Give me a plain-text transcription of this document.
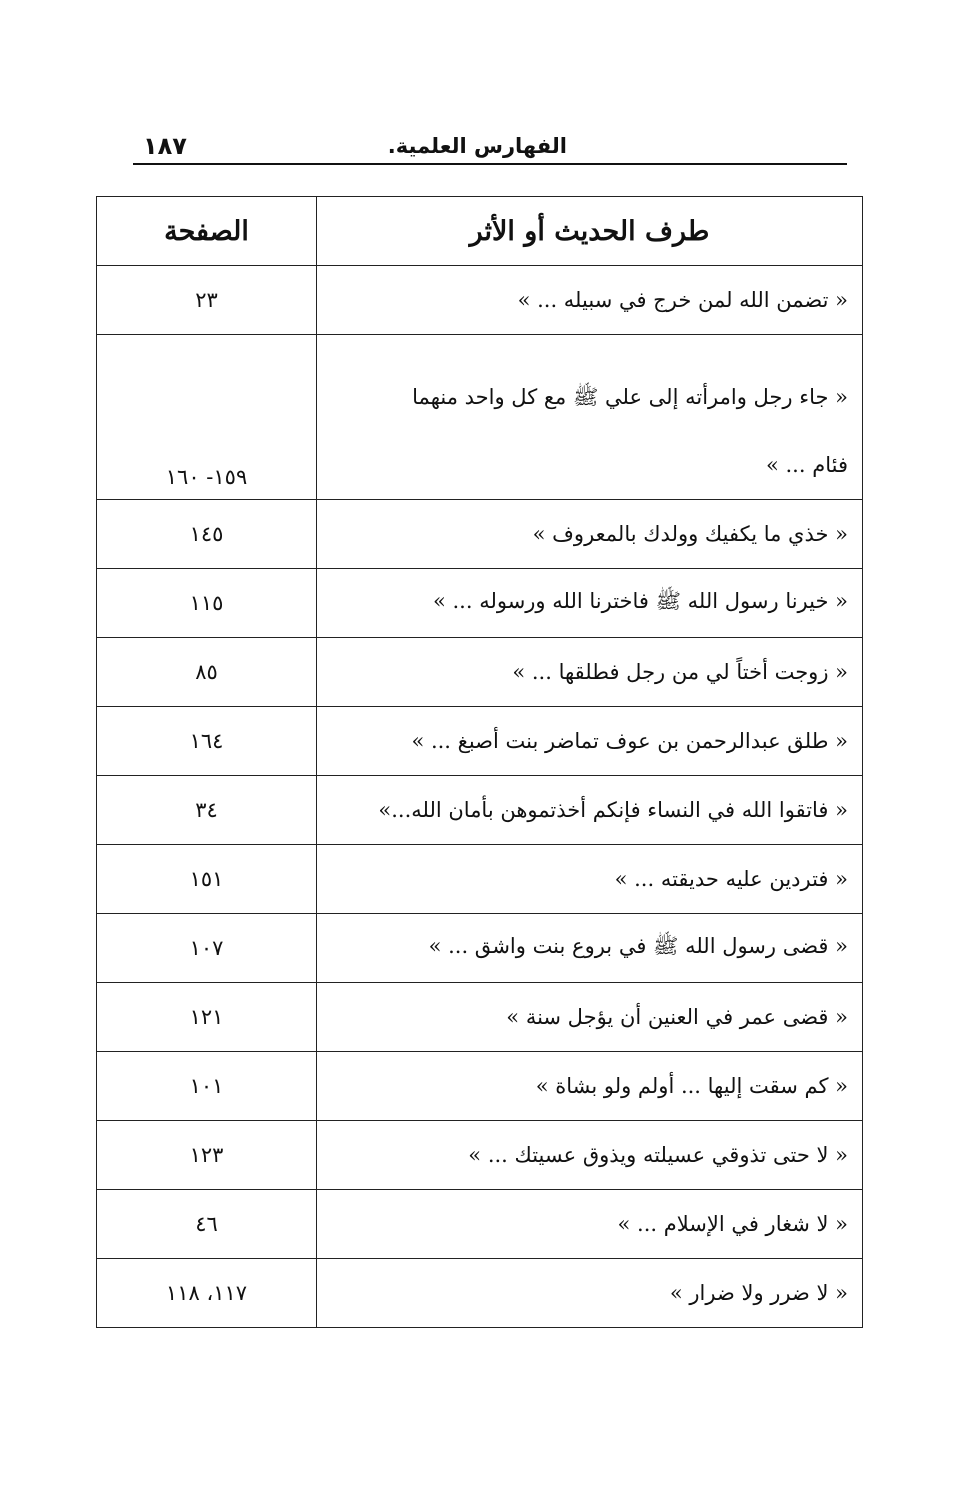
الفهارس العلمية.
١٨٧
طرف الحديث أو الأثر	الصفحة
« تضمن الله لمن خرج في سبيله ... »	٢٣

« جاء رجل وامرأته إلى علي ﷺ مع كل واحد منهما
فئام ... »	١٥٩- ١٦٠
« خذي ما يكفيك وولدك بالمعروف »	١٤٥
« خيرنا رسول الله ﷺ فاخترنا الله ورسوله ... »	١١٥
« زوجت أختاً لي من رجل فطلقها ... »	٨٥
« طلق عبدالرحمن بن عوف تماضر بنت أصبغ ... »	١٦٤
« فاتقوا الله في النساء فإنكم أخذتموهن بأمان الله...»	٣٤
« فتردين عليه حديقته ... »	١٥١
« قضى رسول الله ﷺ في بروع بنت واشق ... »	١٠٧
« قضى عمر في العنين أن يؤجل سنة »	١٢١
« كم سقت إليها ... أولم ولو بشاة »	١٠١
« لا حتى تذوقي عسيلته ويذوق عسيتك ... »	١٢٣
« لا شغار في الإسلام ... »	٤٦
« لا ضرر ولا ضرار »	١١٧، ١١٨
